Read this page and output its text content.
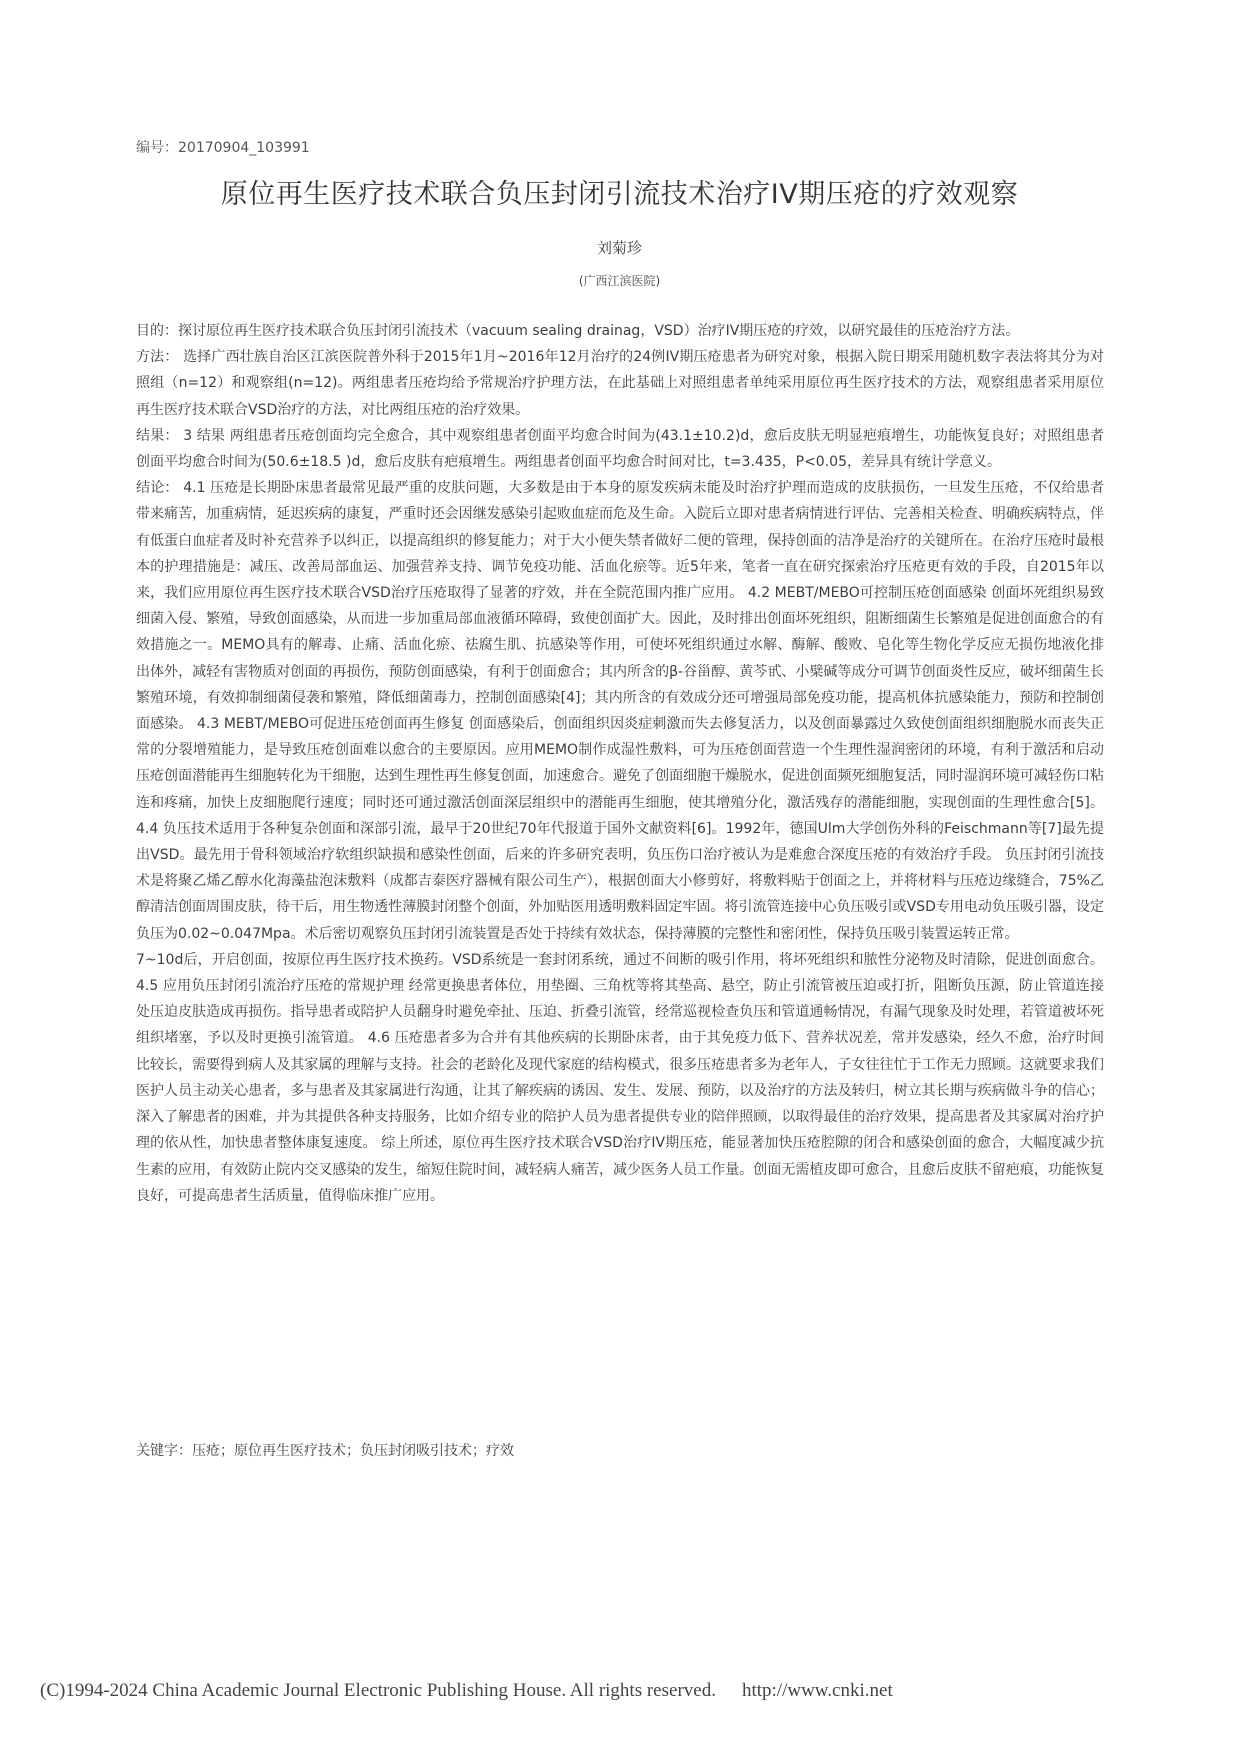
编号：20170904_103991
原位再生医疗技术联合负压封闭引流技术治疗IV期压疮的疗效观察
刘菊珍
(广西江滨医院)

目的：探讨原位再生医疗技术联合负压封闭引流技术（vacuum sealing drainag，VSD）治疗IV期压疮的疗效，以研究最佳的压疮治疗方法。

方法： 选择广西壮族自治区江滨医院普外科于2015年1月~2016年12月治疗的24例IV期压疮患者为研究对象，根据入院日期采用随机数字表法将其分为对照组（n=12）和观察组(n=12)。两组患者压疮均给予常规治疗护理方法，在此基础上对照组患者单纯采用原位再生医疗技术的方法，观察组患者采用原位再生医疗技术联合VSD治疗的方法，对比两组压疮的治疗效果。

结果： 3 结果 两组患者压疮创面均完全愈合，其中观察组患者创面平均愈合时间为(43.1±10.2)d，愈后皮肤无明显疤痕增生，功能恢复良好；对照组患者创面平均愈合时间为(50.6±18.5 )d，愈后皮肤有疤痕增生。两组患者创面平均愈合时间对比，t=3.435，P<0.05，差异具有统计学意义。

结论： 4.1 压疮是长期卧床患者最常见最严重的皮肤问题，大多数是由于本身的原发疾病未能及时治疗护理而造成的皮肤损伤，一旦发生压疮，不仅给患者带来痛苦，加重病情，延迟疾病的康复，严重时还会因继发感染引起败血症而危及生命。入院后立即对患者病情进行评估、完善相关检查、明确疾病特点，伴有低蛋白血症者及时补充营养予以纠正，以提高组织的修复能力；对于大小便失禁者做好二便的管理，保持创面的洁净是治疗的关键所在。在治疗压疮时最根本的护理措施是：减压、改善局部血运、加强营养支持、调节免疫功能、活血化瘀等。近5年来，笔者一直在研究探索治疗压疮更有效的手段，自2015年以来，我们应用原位再生医疗技术联合VSD治疗压疮取得了显著的疗效，并在全院范围内推广应用。 4.2 MEBT/MEBO可控制压疮创面感染 创面坏死组织易致细菌入侵、繁殖，导致创面感染，从而进一步加重局部血液循环障碍，致使创面扩大。因此，及时排出创面坏死组织，阻断细菌生长繁殖是促进创面愈合的有效措施之一。MEMO具有的解毒、止痛、活血化瘀、祛腐生肌、抗感染等作用，可使坏死组织通过水解、酶解、酸败、皂化等生物化学反应无损伤地液化排出体外，减轻有害物质对创面的再损伤，预防创面感染，有利于创面愈合；其内所含的β-谷甾醇、黄芩甙、小檗碱等成分可调节创面炎性反应，破坏细菌生长繁殖环境，有效抑制细菌侵袭和繁殖，降低细菌毒力，控制创面感染[4]；其内所含的有效成分还可增强局部免疫功能，提高机体抗感染能力，预防和控制创面感染。 4.3 MEBT/MEBO可促进压疮创面再生修复 创面感染后，创面组织因炎症刺激而失去修复活力，以及创面暴露过久致使创面组织细胞脱水而丧失正常的分裂增殖能力，是导致压疮创面难以愈合的主要原因。应用MEMO制作成湿性敷料，可为压疮创面营造一个生理性湿润密闭的环境，有利于激活和启动压疮创面潜能再生细胞转化为干细胞，达到生理性再生修复创面，加速愈合。避免了创面细胞干燥脱水，促进创面频死细胞复活，同时湿润环境可减轻伤口粘连和疼痛，加快上皮细胞爬行速度；同时还可通过激活创面深层组织中的潜能再生细胞，使其增殖分化，激活残存的潜能细胞，实现创面的生理性愈合[5]。 4.4 负压技术适用于各种复杂创面和深部引流，最早于20世纪70年代报道于国外文献资料[6]。1992年，德国Ulm大学创伤外科的Feischmann等[7]最先提出VSD。最先用于骨科领域治疗软组织缺损和感染性创面，后来的许多研究表明，负压伤口治疗被认为是难愈合深度压疮的有效治疗手段。 负压封闭引流技术是将聚乙烯乙醇水化海藻盐泡沫敷料（成都吉泰医疗器械有限公司生产），根据创面大小修剪好，将敷料贴于创面之上，并将材料与压疮边缘缝合，75%乙醇清洁创面周围皮肤，待干后，用生物透性薄膜封闭整个创面，外加贴医用透明敷料固定牢固。将引流管连接中心负压吸引或VSD专用电动负压吸引器，设定负压为0.02~0.047Mpa。术后密切观察负压封闭引流装置是否处于持续有效状态，保持薄膜的完整性和密闭性，保持负压吸引装置运转正常。

7~10d后，开启创面，按原位再生医疗技术换药。VSD系统是一套封闭系统，通过不间断的吸引作用，将坏死组织和脓性分泌物及时清除，促进创面愈合。 4.5 应用负压封闭引流治疗压疮的常规护理 经常更换患者体位，用垫圈、三角枕等将其垫高、悬空，防止引流管被压迫或打折，阻断负压源，防止管道连接处压迫皮肤造成再损伤。指导患者或陪护人员翻身时避免牵扯、压迫、折叠引流管，经常巡视检查负压和管道通畅情况，有漏气现象及时处理，若管道被坏死组织堵塞，予以及时更换引流管道。 4.6 压疮患者多为合并有其他疾病的长期卧床者，由于其免疫力低下、营养状况差，常并发感染，经久不愈，治疗时间比较长，需要得到病人及其家属的理解与支持。社会的老龄化及现代家庭的结构模式，很多压疮患者多为老年人，子女往往忙于工作无力照顾。这就要求我们医护人员主动关心患者，多与患者及其家属进行沟通，让其了解疾病的诱因、发生、发展、预防，以及治疗的方法及转归，树立其长期与疾病做斗争的信心；深入了解患者的困难，并为其提供各种支持服务，比如介绍专业的陪护人员为患者提供专业的陪伴照顾，以取得最佳的治疗效果，提高患者及其家属对治疗护理的依从性，加快患者整体康复速度。 综上所述，原位再生医疗技术联合VSD治疗IV期压疮，能显著加快压疮腔隙的闭合和感染创面的愈合，大幅度减少抗生素的应用，有效防止院内交叉感染的发生，缩短住院时间，减轻病人痛苦，减少医务人员工作量。创面无需植皮即可愈合，且愈后皮肤不留疤痕，功能恢复良好，可提高患者生活质量，值得临床推广应用。

关键字：压疮；原位再生医疗技术；负压封闭吸引技术；疗效
(C)1994-2024 China Academic Journal Electronic Publishing House. All rights reserved. http://www.cnki.net
